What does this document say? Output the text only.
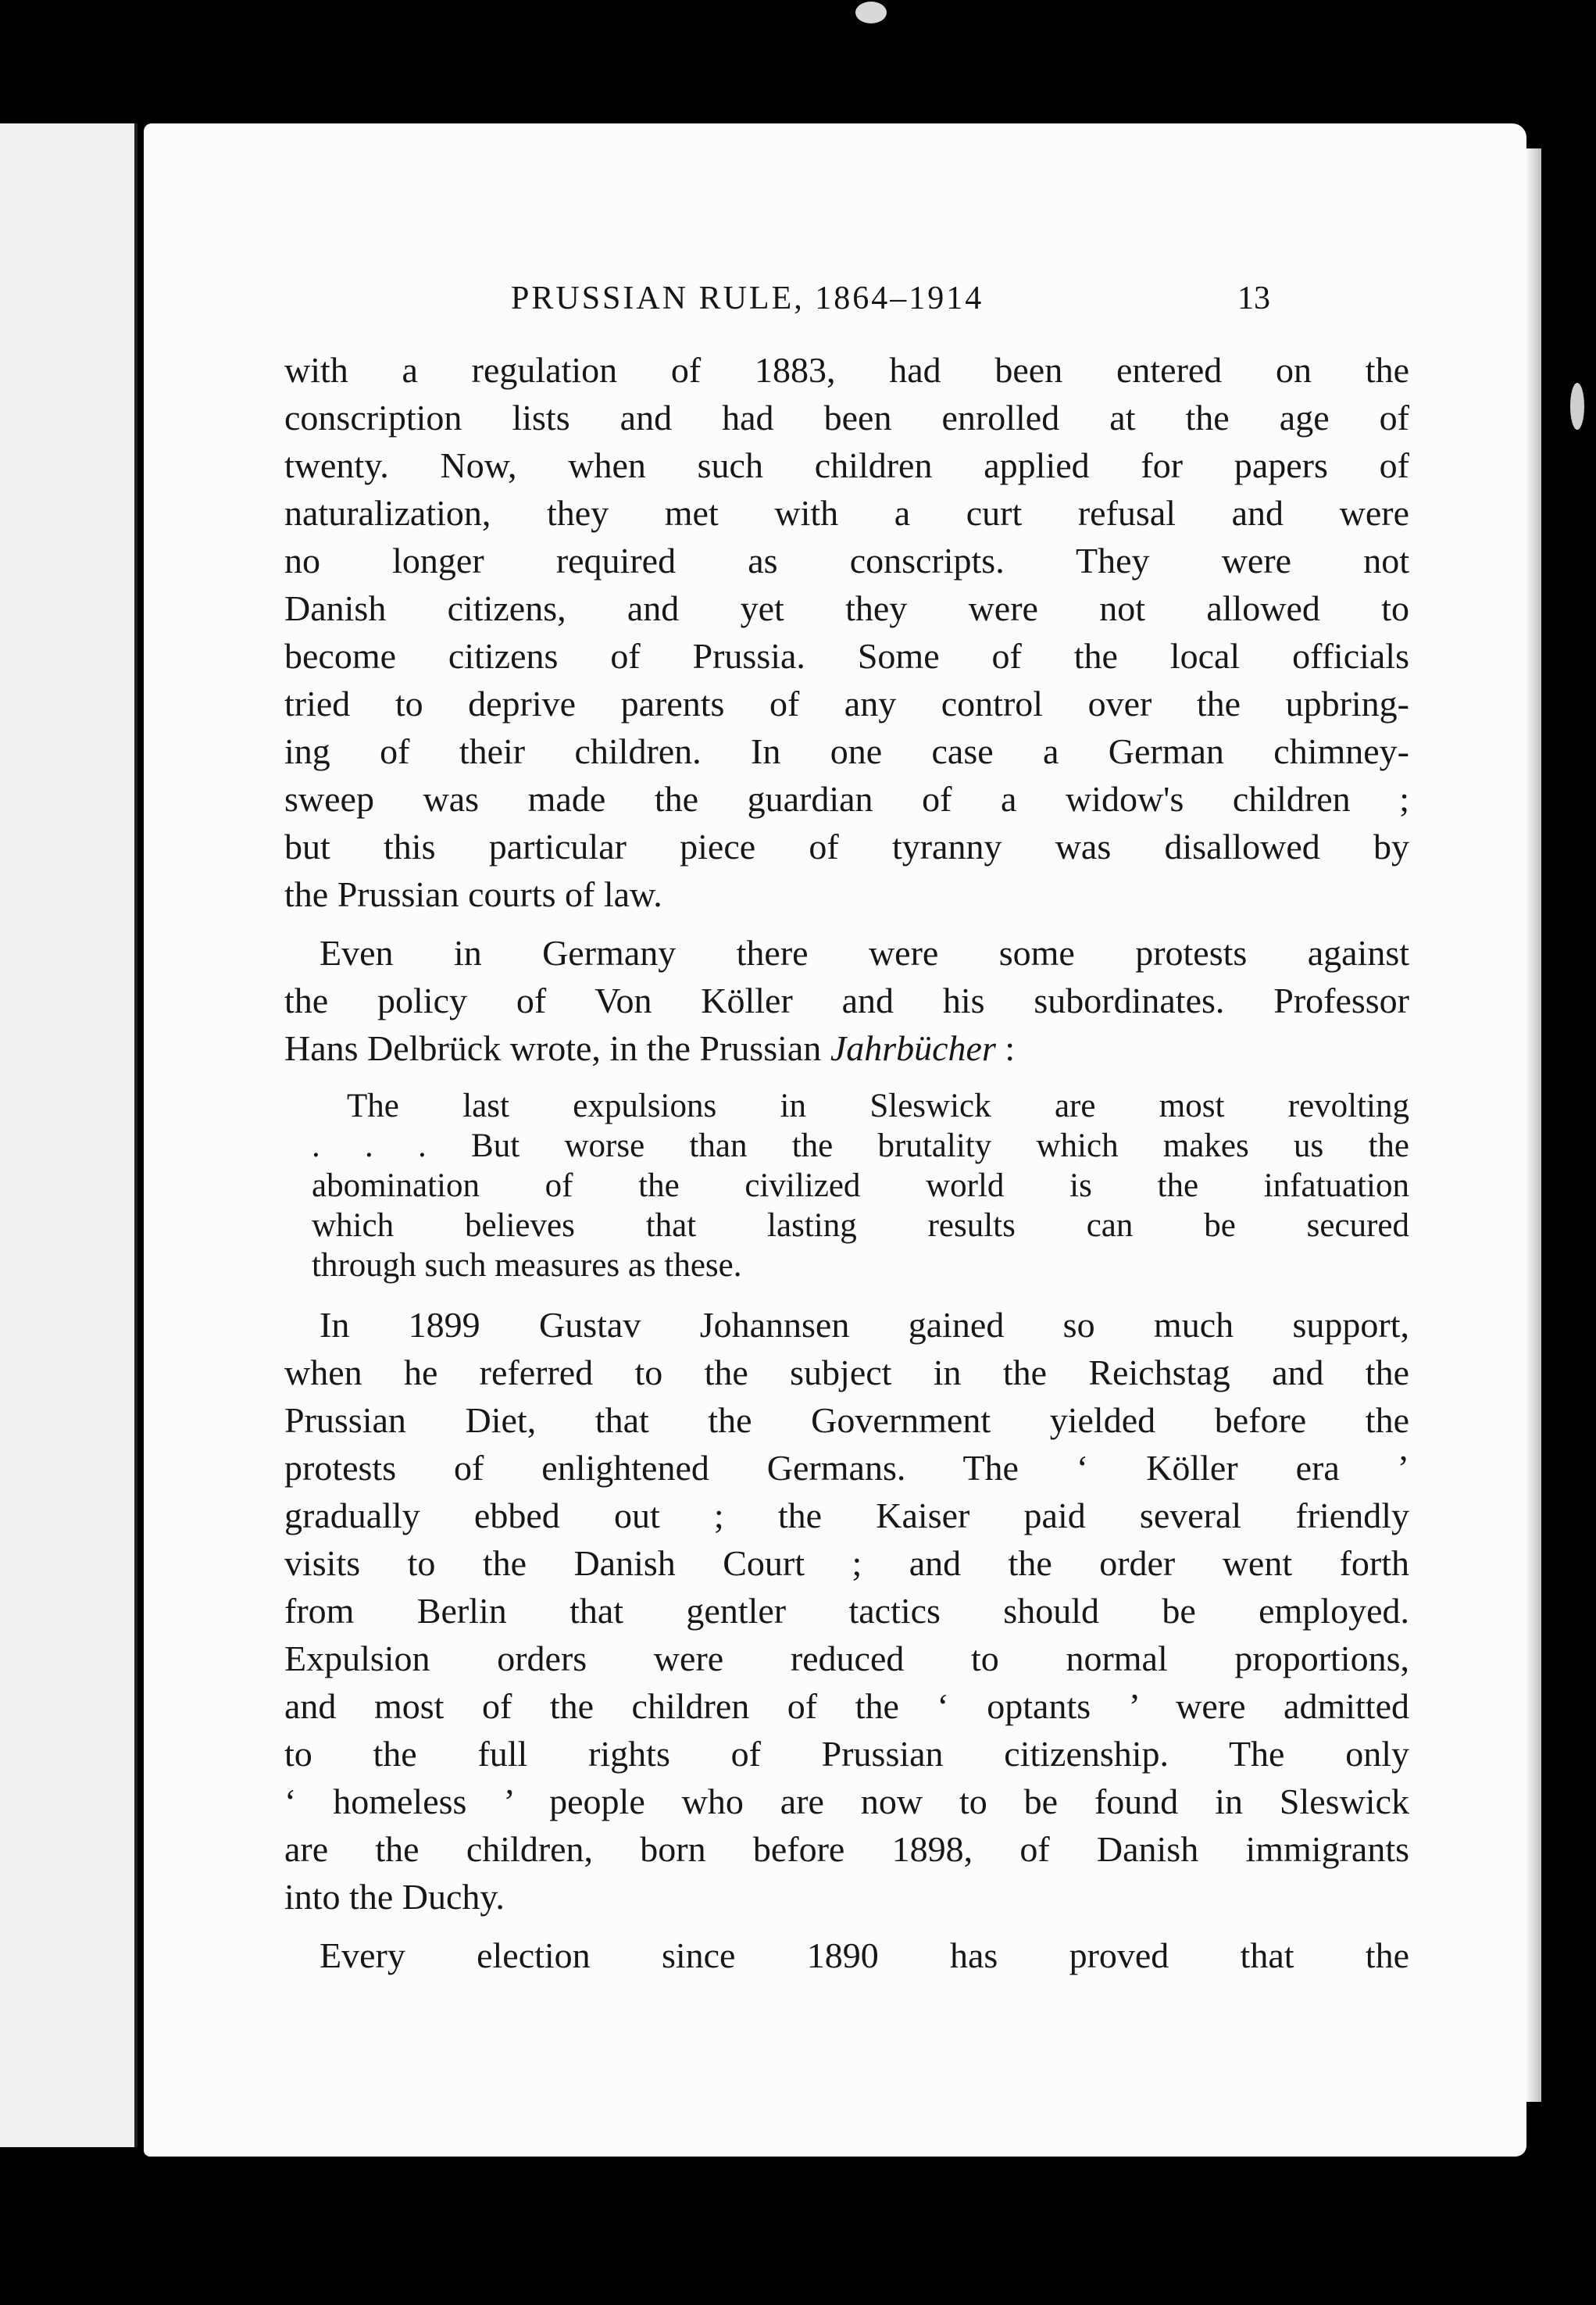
PRUSSIAN RULE, 1864–1914	13

with a regulation of 1883, had been entered on the

conscription lists and had been enrolled at the age of

twenty. Now, when such children applied for papers of

naturalization, they met with a curt refusal and were

no longer required as conscripts. They were not

Danish citizens, and yet they were not allowed to

become citizens of Prussia. Some of the local officials

tried to deprive parents of any control over the upbring-

ing of their children. In one case a German chimney-

sweep was made the guardian of a widow's children ;

but this particular piece of tyranny was disallowed by

the Prussian courts of law.

Even in Germany there were some protests against

the policy of Von Köller and his subordinates. Professor

Hans Delbrück wrote, in the Prussian Jahrbücher :

The last expulsions in Sleswick are most revolting

. . . But worse than the brutality which makes us the

abomination of the civilized world is the infatuation

which believes that lasting results can be secured

through such measures as these.

In 1899 Gustav Johannsen gained so much support,

when he referred to the subject in the Reichstag and the

Prussian Diet, that the Government yielded before the

protests of enlightened Germans. The ‘ Köller era ’

gradually ebbed out ; the Kaiser paid several friendly

visits to the Danish Court ; and the order went forth

from Berlin that gentler tactics should be employed.

Expulsion orders were reduced to normal proportions,

and most of the children of the ‘ optants ’ were admitted

to the full rights of Prussian citizenship. The only

‘ homeless ’ people who are now to be found in Sleswick

are the children, born before 1898, of Danish immigrants

into the Duchy.

Every election since 1890 has proved that the
